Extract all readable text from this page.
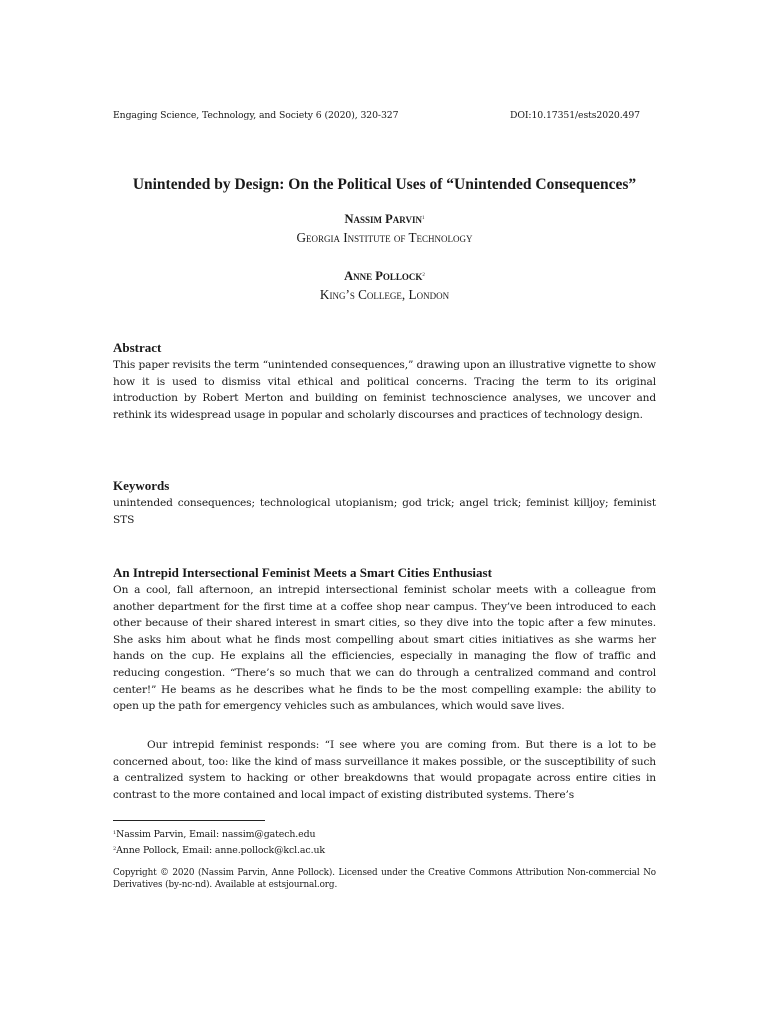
Engaging Science, Technology, and Society 6 (2020), 320-327	DOI:10.17351/ests2020.497
Unintended by Design: On the Political Uses of “Unintended Consequences”
Nassim Parvin$^1$
Georgia Institute of Technology
Anne Pollock$^2$
King’s College, London
Abstract
This paper revisits the term “unintended consequences,” drawing upon an illustrative vignette to show how it is used to dismiss vital ethical and political concerns. Tracing the term to its original introduction by Robert Merton and building on feminist technoscience analyses, we uncover and rethink its widespread usage in popular and scholarly discourses and practices of technology design.
Keywords
unintended consequences; technological utopianism; god trick; angel trick; feminist killjoy; feminist STS
An Intrepid Intersectional Feminist Meets a Smart Cities Enthusiast
On a cool, fall afternoon, an intrepid intersectional feminist scholar meets with a colleague from another department for the first time at a coffee shop near campus. They’ve been introduced to each other because of their shared interest in smart cities, so they dive into the topic after a few minutes. She asks him about what he finds most compelling about smart cities initiatives as she warms her hands on the cup. He explains all the efficiencies, especially in managing the flow of traffic and reducing congestion. “There’s so much that we can do through a centralized command and control center!” He beams as he describes what he finds to be the most compelling example: the ability to open up the path for emergency vehicles such as ambulances, which would save lives.
Our intrepid feminist responds: “I see where you are coming from. But there is a lot to be concerned about, too: like the kind of mass surveillance it makes possible, or the susceptibility of such a centralized system to hacking or other breakdowns that would propagate across entire cities in contrast to the more contained and local impact of existing distributed systems. There’s
$^1$Nassim Parvin, Email: nassim@gatech.edu
$^2$Anne Pollock, Email: anne.pollock@kcl.ac.uk
Copyright © 2020 (Nassim Parvin, Anne Pollock). Licensed under the Creative Commons Attribution Non-commercial No Derivatives (by-nc-nd). Available at estsjournal.org.
